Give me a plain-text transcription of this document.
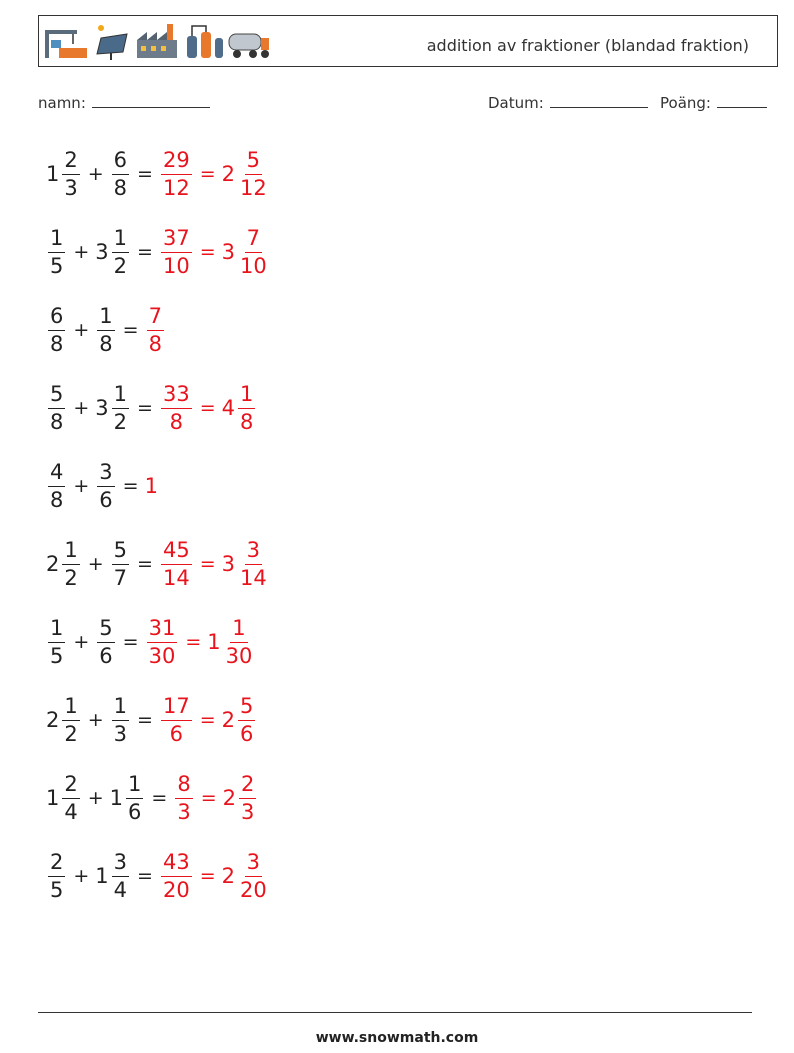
addition av fraktioner (blandad fraktion)
namn:	Datum:	Poäng:
$1 \frac{2}{3} + \frac{6}{8} = \frac{29}{12} = 2 \frac{5}{12}$
$\frac{1}{5} + 3 \frac{1}{2} = \frac{37}{10} = 3 \frac{7}{10}$
$\frac{6}{8} + \frac{1}{8} = \frac{7}{8}$
$\frac{5}{8} + 3 \frac{1}{2} = \frac{33}{8} = 4 \frac{1}{8}$
$\frac{4}{8} + \frac{3}{6} = 1$
$2 \frac{1}{2} + \frac{5}{7} = \frac{45}{14} = 3 \frac{3}{14}$
$\frac{1}{5} + \frac{5}{6} = \frac{31}{30} = 1 \frac{1}{30}$
$2 \frac{1}{2} + \frac{1}{3} = \frac{17}{6} = 2 \frac{5}{6}$
$1 \frac{2}{4} + 1 \frac{1}{6} = \frac{8}{3} = 2 \frac{2}{3}$
$\frac{2}{5} + 1 \frac{3}{4} = \frac{43}{20} = 2 \frac{3}{20}$
www.snowmath.com
